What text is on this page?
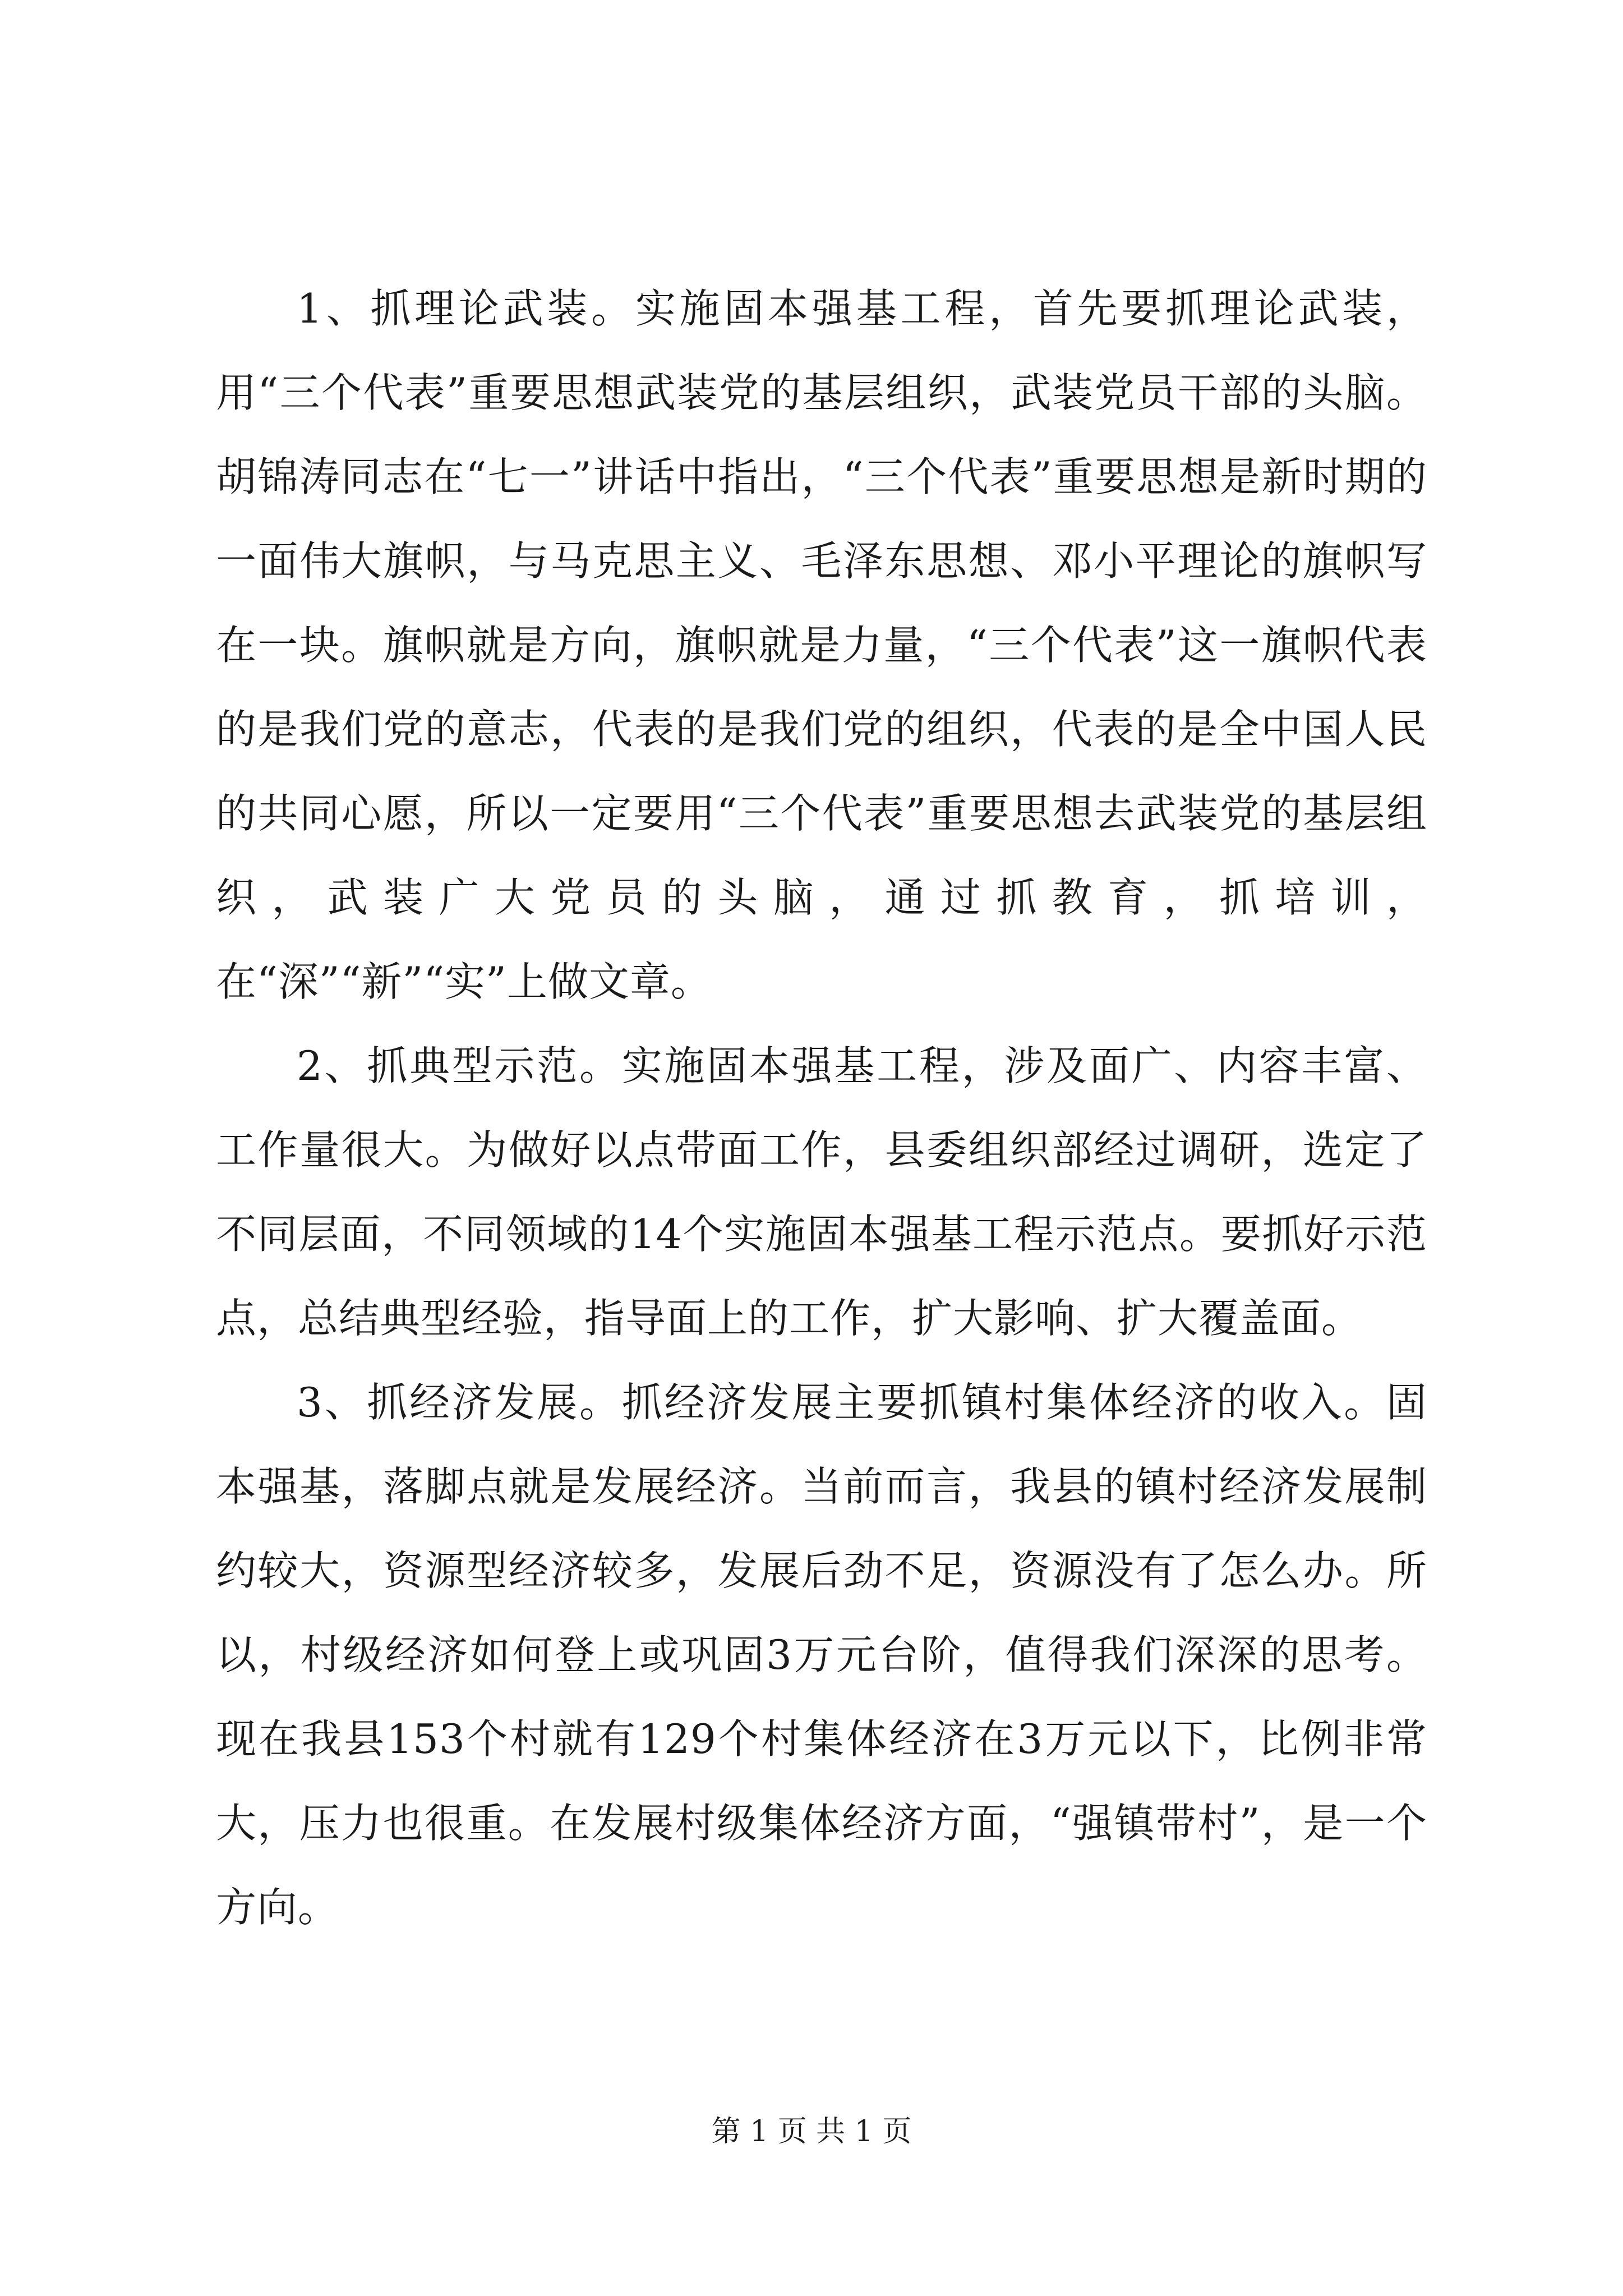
1、抓理论武装。实施固本强基工程，首先要抓理论武装，用“三个代表”重要思想武装党的基层组织，武装党员干部的头脑。胡锦涛同志在“七一”讲话中指出，“三个代表”重要思想是新时期的一面伟大旗帜，与马克思主义、毛泽东思想、邓小平理论的旗帜写在一块。旗帜就是方向，旗帜就是力量，“三个代表”这一旗帜代表的是我们党的意志，代表的是我们党的组织，代表的是全中国人民的共同心愿，所以一定要用“三个代表”重要思想去武装党的基层组织，武装广大党员的头脑，通过抓教育，抓培训，在“深”“新”“实”上做文章。

2、抓典型示范。实施固本强基工程，涉及面广、内容丰富、工作量很大。为做好以点带面工作，县委组织部经过调研，选定了不同层面，不同领域的14个实施固本强基工程示范点。要抓好示范点，总结典型经验，指导面上的工作，扩大影响、扩大覆盖面。

3、抓经济发展。抓经济发展主要抓镇村集体经济的收入。固本强基，落脚点就是发展经济。当前而言，我县的镇村经济发展制约较大，资源型经济较多，发展后劲不足，资源没有了怎么办。所以，村级经济如何登上或巩固3万元台阶，值得我们深深的思考。现在我县153个村就有129个村集体经济在3万元以下，比例非常大，压力也很重。在发展村级集体经济方面，“强镇带村”，是一个方向。

第 1 页 共 1 页
